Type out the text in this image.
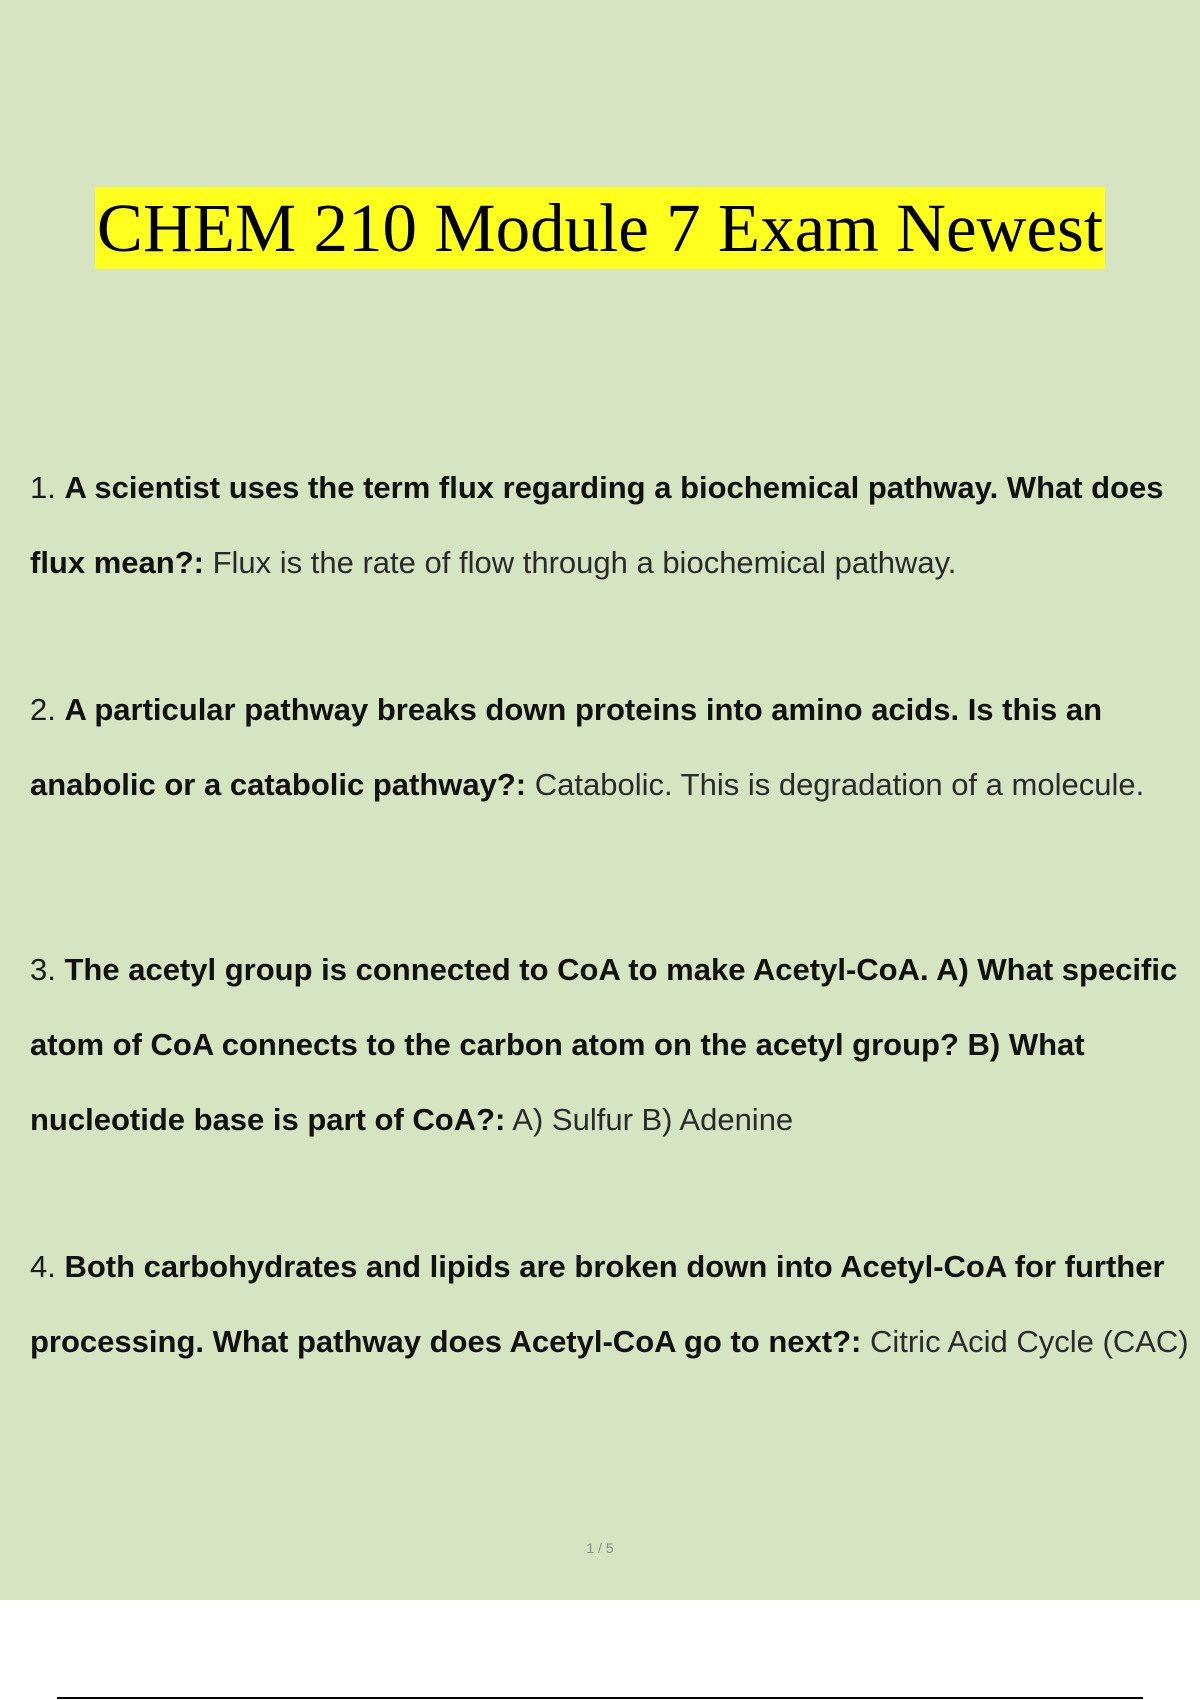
CHEM 210 Module 7 Exam Newest
1. A scientist uses the term flux regarding a biochemical pathway. What does
flux mean?: Flux is the rate of flow through a biochemical pathway.
2. A particular pathway breaks down proteins into amino acids. Is this an
anabolic or a catabolic pathway?: Catabolic. This is degradation of a molecule.
3. The acetyl group is connected to CoA to make Acetyl-CoA. A) What specific
atom of CoA connects to the carbon atom on the acetyl group? B) What
nucleotide base is part of CoA?: A) Sulfur B) Adenine
4. Both carbohydrates and lipids are broken down into Acetyl-CoA for further
processing. What pathway does Acetyl-CoA go to next?: Citric Acid Cycle (CAC)
1 / 5
